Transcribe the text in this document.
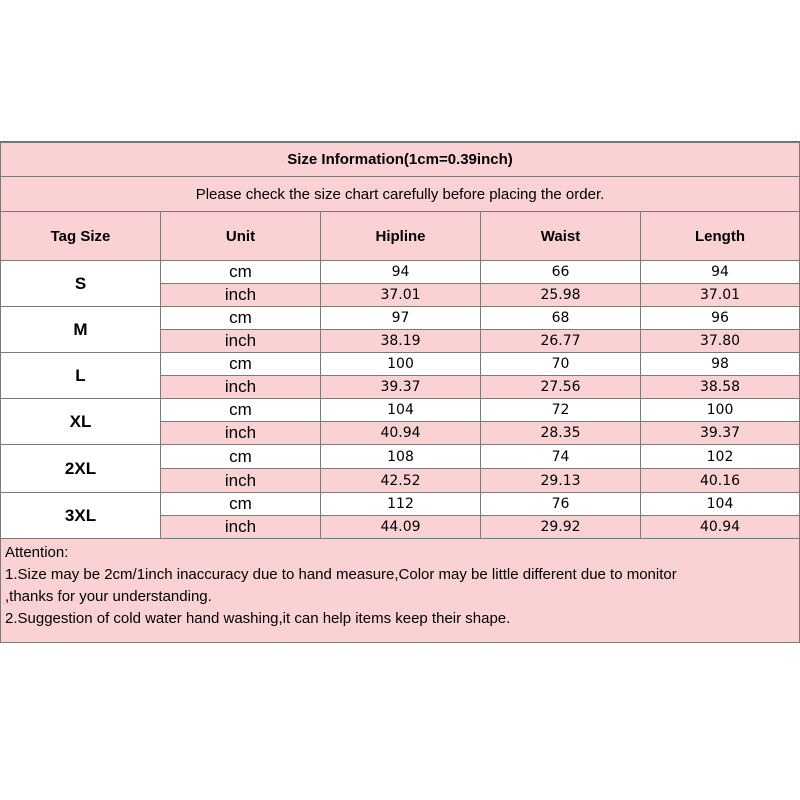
Size Information(1cm=0.39inch)				
Please check the size chart carefully before placing the order.				
Tag Size	Unit	Hipline	Waist	Length
S	cm	94	66	94
	inch	37.01	25.98	37.01
M	cm	97	68	96
	inch	38.19	26.77	37.80
L	cm	100	70	98
	inch	39.37	27.56	38.58
XL	cm	104	72	100
	inch	40.94	28.35	39.37
2XL	cm	108	74	102
	inch	42.52	29.13	40.16
3XL	cm	112	76	104
	inch	44.09	29.92	40.94

Attention:
1.Size may be 2cm/1inch inaccuracy due to hand measure,Color may be little different due to monitor
,thanks for your understanding.
2.Suggestion of cold water hand washing,it can help items keep their shape.				
